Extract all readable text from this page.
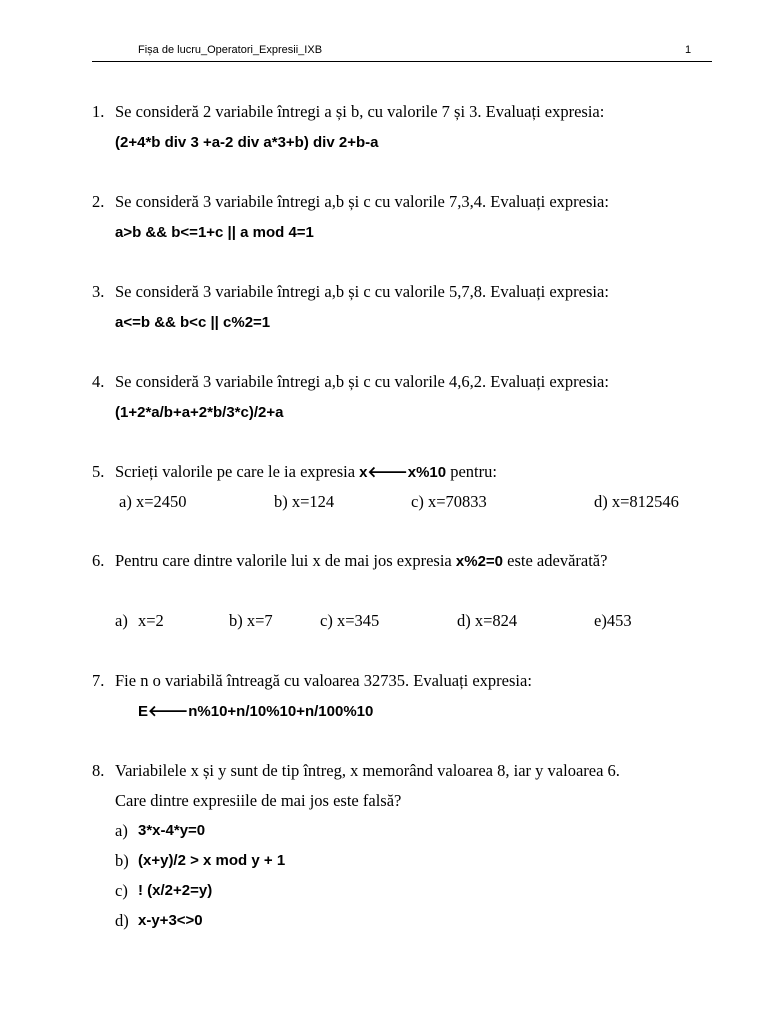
Fișa de lucru_Operatori_Expresii_IXB	1
1. Se consideră 2 variabile întregi a și b, cu valorile 7 și 3. Evaluați expresia:
(2+4*b div 3 +a-2 div a*3+b) div 2+b-a
2. Se consideră 3 variabile întregi a,b și c cu valorile 7,3,4. Evaluați expresia:
a>b && b<=1+c || a mod 4=1
3. Se consideră 3 variabile întregi a,b și c cu valorile 5,7,8. Evaluați expresia:
a<=b && b<c || c%2=1
4. Se consideră 3 variabile întregi a,b și c cu valorile 4,6,2. Evaluați expresia:
(1+2*a/b+a+2*b/3*c)/2+a
5. Scrieți valorile pe care le ia expresia x🡐x%10 pentru:
a) x=2450	b) x=124	c) x=70833	d) x=812546
6. Pentru care dintre valorile lui x de mai jos expresia x%2=0 este adevărată?
a) x=2	b) x=7	c) x=345	d) x=824	e)453
7. Fie n o variabilă întreagă cu valoarea 32735. Evaluați expresia:
E🡐n%10+n/10%10+n/100%10
8. Variabilele x și y sunt de tip întreg, x memorând valoarea 8, iar y valoarea 6.
Care dintre expresiile de mai jos este falsă?
a) 3*x-4*y=0
b) (x+y)/2 > x mod y + 1
c) ! (x/2+2=y)
d) x-y+3<>0
